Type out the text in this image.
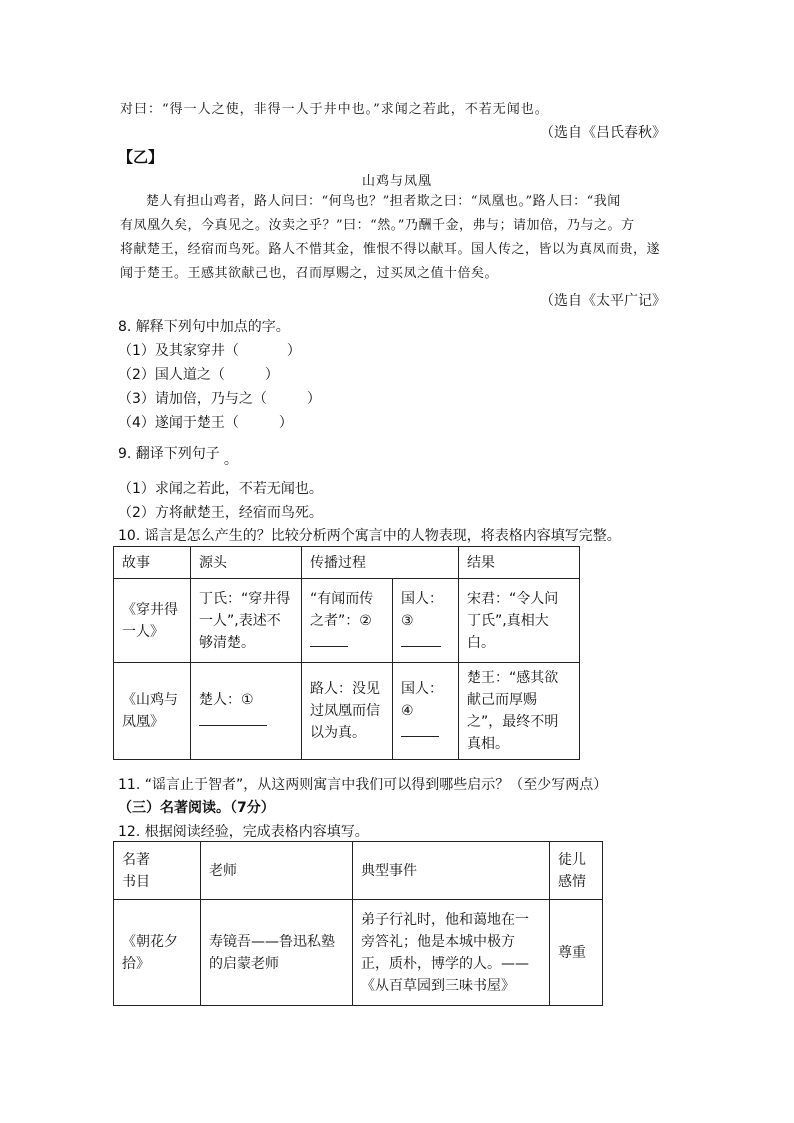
对曰：“得一人之使，非得一人于井中也。”求闻之若此，不若无闻也。
（选自《吕氏春秋》
【乙】
山鸡与凤凰

楚人有担山鸡者，路人问曰：“何鸟也？”担者欺之曰：“凤凰也。”路人曰：“我闻

有凤凰久矣，今真见之。汝卖之乎？”曰：“然。”乃酬千金，弗与；请加倍，乃与之。方

将献楚王，经宿而鸟死。路人不惜其金，惟恨不得以献耳。国人传之，皆以为真凤而贵，遂

闻于楚王。王感其欲献己也，召而厚赐之，过买凤之值十倍矣。

（选自《太平广记》
8. 解释下列句中加点的字。
（1）及其家穿井（	）
（2）国人道之（	）
（3）请加倍，乃与之（	）
（4）遂闻于楚王（	）
9. 翻译下列句子 。
（1）求闻之若此，不若无闻也。
（2）方将献楚王，经宿而鸟死。
10. 谣言是怎么产生的？比较分析两个寓言中的人物表现，将表格内容填写完整。
故事	源头	传播过程		结果

《穿井得一人》	丁氏：“穿井得一人”,表述不够清楚。	“有闻而传之者”：②	国人：③	宋君：“令人问丁氏”,真相大白。

《山鸡与凤凰》	楚人：①	路人：没见过凤凰而信以为真。	国人：④	楚王：“感其欲献己而厚赐之”，最终不明真相。
11. “谣言止于智者”，从这两则寓言中我们可以得到哪些启示？（至少写两点）
（三）名著阅读。（7分）
12. 根据阅读经验，完成表格内容填写。
名著书目	老师	典型事件	徒儿感情

《朝花夕拾》	寿镜吾——鲁迅私塾的启蒙老师	弟子行礼时，他和蔼地在一旁答礼；他是本城中极方正，质朴，博学的人。——《从百草园到三味书屋》	尊重
